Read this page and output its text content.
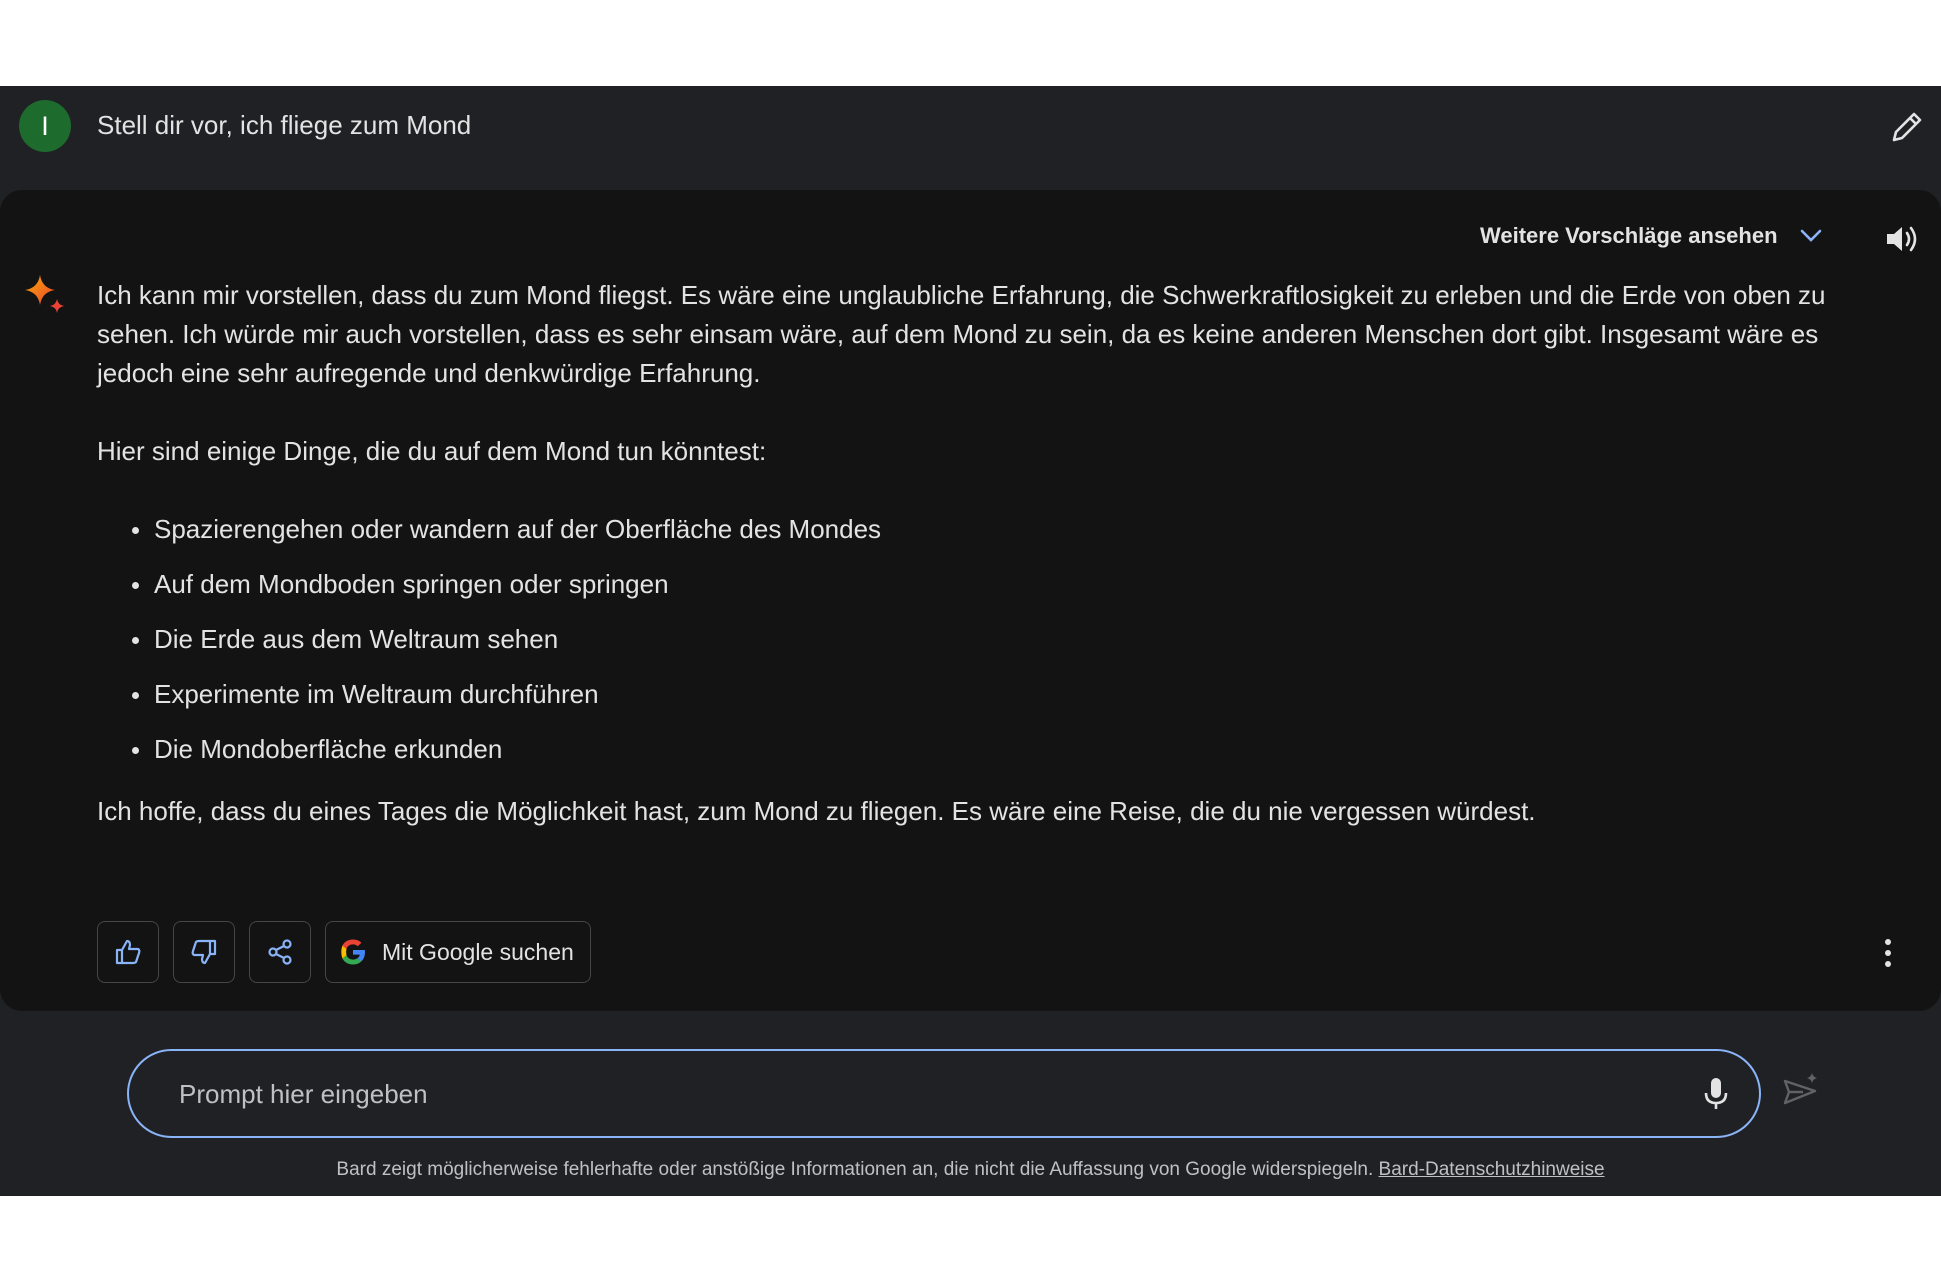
I	Stell dir vor, ich fliege zum Mond
Weitere Vorschläge ansehen

Ich kann mir vorstellen, dass du zum Mond fliegst. Es wäre eine unglaubliche Erfahrung, die Schwerkraftlosigkeit zu erleben und die Erde von oben zu sehen. Ich würde mir auch vorstellen, dass es sehr einsam wäre, auf dem Mond zu sein, da es keine anderen Menschen dort gibt. Insgesamt wäre es jedoch eine sehr aufregende und denkwürdige Erfahrung.

Hier sind einige Dinge, die du auf dem Mond tun könntest:

Spazierengehen oder wandern auf der Oberfläche des Mondes
Auf dem Mondboden springen oder springen
Die Erde aus dem Weltraum sehen
Experimente im Weltraum durchführen
Die Mondoberfläche erkunden

Ich hoffe, dass du eines Tages die Möglichkeit hast, zum Mond zu fliegen. Es wäre eine Reise, die du nie vergessen würdest.

Mit Google suchen
Prompt hier eingeben
Bard zeigt möglicherweise fehlerhafte oder anstößige Informationen an, die nicht die Auffassung von Google widerspiegeln. Bard-Datenschutzhinweise
